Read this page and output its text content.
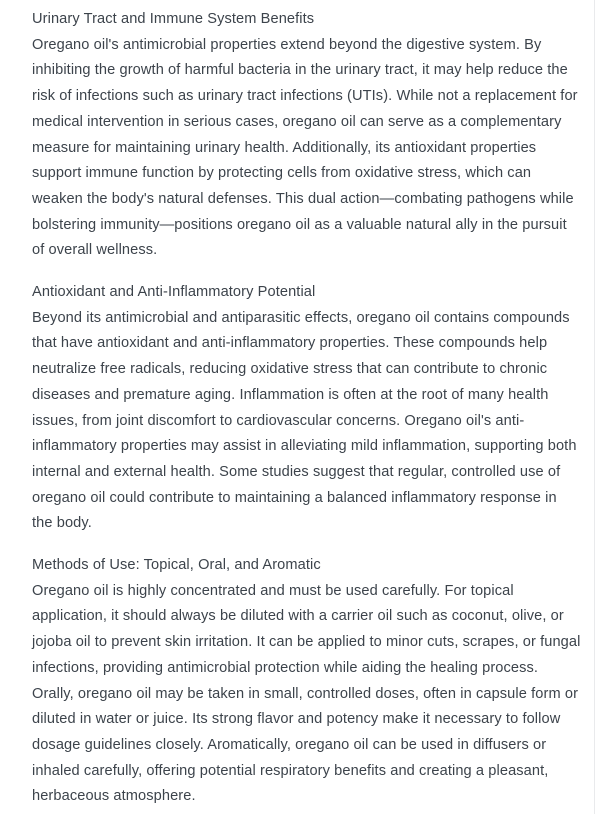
Urinary Tract and Immune System Benefits

Oregano oil's antimicrobial properties extend beyond the digestive system. By inhibiting the growth of harmful bacteria in the urinary tract, it may help reduce the risk of infections such as urinary tract infections (UTIs). While not a replacement for medical intervention in serious cases, oregano oil can serve as a complementary measure for maintaining urinary health. Additionally, its antioxidant properties support immune function by protecting cells from oxidative stress, which can weaken the body's natural defenses. This dual action—combating pathogens while bolstering immunity—positions oregano oil as a valuable natural ally in the pursuit of overall wellness.

Antioxidant and Anti-Inflammatory Potential

Beyond its antimicrobial and antiparasitic effects, oregano oil contains compounds that have antioxidant and anti-inflammatory properties. These compounds help neutralize free radicals, reducing oxidative stress that can contribute to chronic diseases and premature aging. Inflammation is often at the root of many health issues, from joint discomfort to cardiovascular concerns. Oregano oil's anti-inflammatory properties may assist in alleviating mild inflammation, supporting both internal and external health. Some studies suggest that regular, controlled use of oregano oil could contribute to maintaining a balanced inflammatory response in the body.

Methods of Use: Topical, Oral, and Aromatic

Oregano oil is highly concentrated and must be used carefully. For topical application, it should always be diluted with a carrier oil such as coconut, olive, or jojoba oil to prevent skin irritation. It can be applied to minor cuts, scrapes, or fungal infections, providing antimicrobial protection while aiding the healing process. Orally, oregano oil may be taken in small, controlled doses, often in capsule form or diluted in water or juice. Its strong flavor and potency make it necessary to follow dosage guidelines closely. Aromatically, oregano oil can be used in diffusers or inhaled carefully, offering potential respiratory benefits and creating a pleasant, herbaceous atmosphere.
